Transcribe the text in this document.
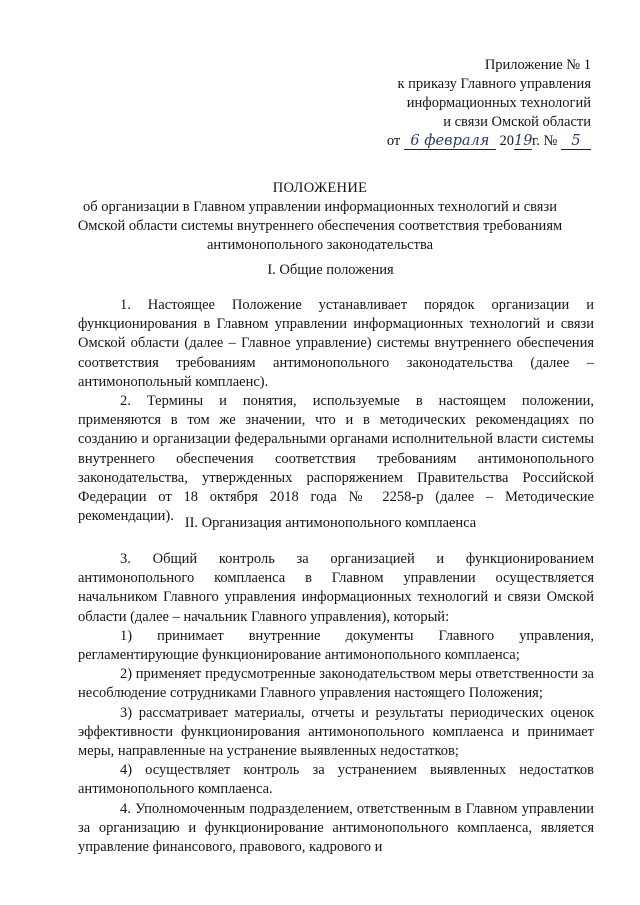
Приложение № 1
к приказу Главного управления
информационных технологий
и связи Омской области
от 6 февраля 2019г. № 5
ПОЛОЖЕНИЕ
об организации в Главном управлении информационных технологий и связи Омской области системы внутреннего обеспечения соответствия требованиям антимонопольного законодательства
I. Общие положения

1. Настоящее Положение устанавливает порядок организации и функционирования в Главном управлении информационных технологий и связи Омской области (далее – Главное управление) системы внутреннего обеспечения соответствия требованиям антимонопольного законодательства (далее – антимонопольный комплаенс).

2. Термины и понятия, используемые в настоящем положении, применяются в том же значении, что и в методических рекомендациях по созданию и организации федеральными органами исполнительной власти системы внутреннего обеспечения соответствия требованиям антимонопольного законодательства, утвержденных распоряжением Правительства Российской Федерации от 18 октября 2018 года № 2258-р (далее – Методические рекомендации). II. Организация антимонопольного комплаенса

3. Общий контроль за организацией и функционированием антимонопольного комплаенса в Главном управлении осуществляется начальником Главного управления информационных технологий и связи Омской области (далее – начальник Главного управления), который:

1) принимает внутренние документы Главного управления, регламентирующие функционирование антимонопольного комплаенса;

2) применяет предусмотренные законодательством меры ответственности за несоблюдение сотрудниками Главного управления настоящего Положения;

3) рассматривает материалы, отчеты и результаты периодических оценок эффективности функционирования антимонопольного комплаенса и принимает меры, направленные на устранение выявленных недостатков;

4) осуществляет контроль за устранением выявленных недостатков антимонопольного комплаенса.

4. Уполномоченным подразделением, ответственным в Главном управлении за организацию и функционирование антимонопольного комплаенса, является управление финансового, правового, кадрового и
